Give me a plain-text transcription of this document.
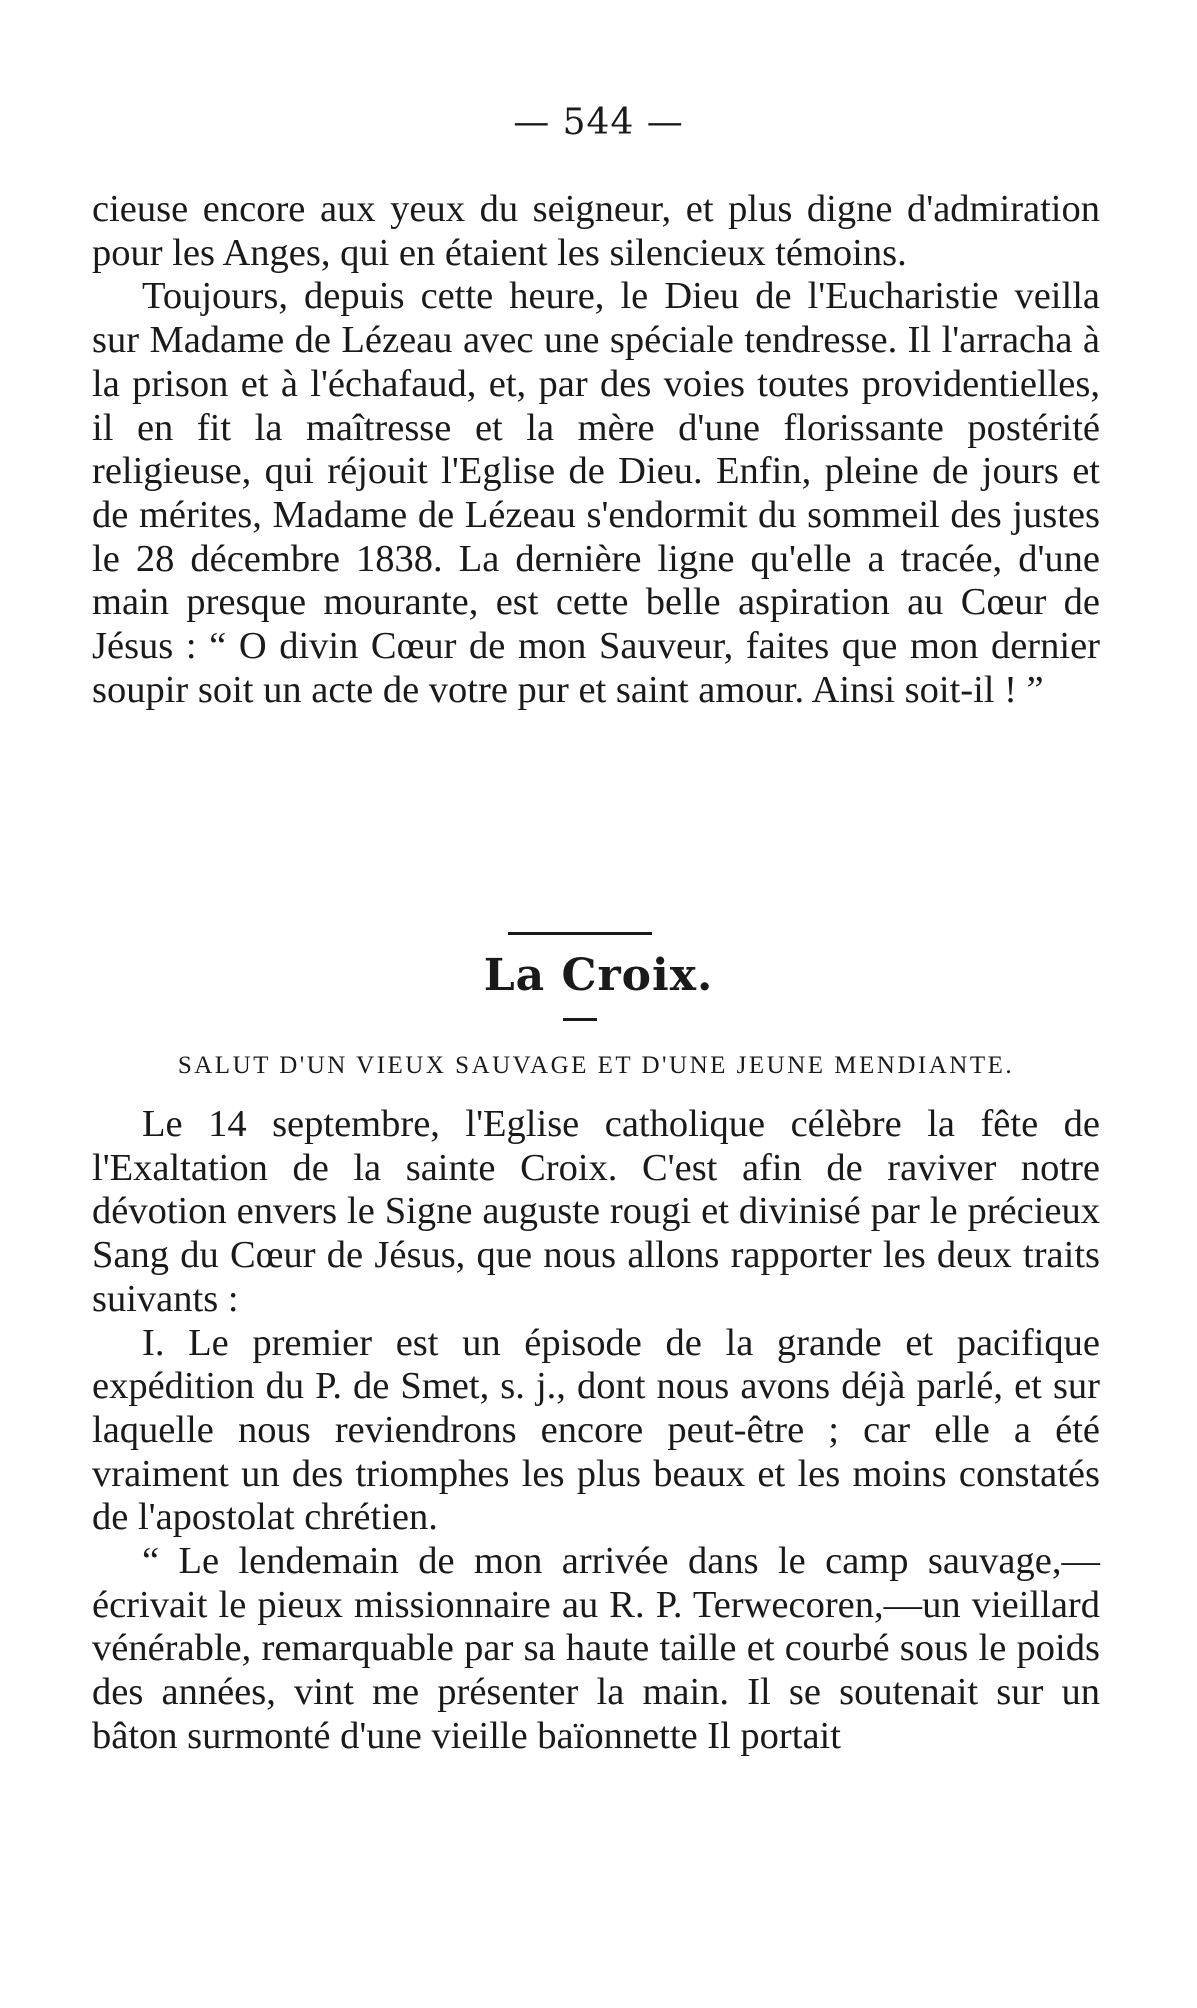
— 544 —

cieuse encore aux yeux du seigneur, et plus digne d'admiration pour les Anges, qui en étaient les silencieux témoins.

Toujours, depuis cette heure, le Dieu de l'Eucharistie veilla sur Madame de Lézeau avec une spéciale tendresse. Il l'arracha à la prison et à l'échafaud, et, par des voies toutes providentielles, il en fit la maîtresse et la mère d'une florissante postérité religieuse, qui réjouit l'Eglise de Dieu. Enfin, pleine de jours et de mérites, Madame de Lézeau s'endormit du sommeil des justes le 28 décembre 1838. La dernière ligne qu'elle a tracée, d'une main presque mourante, est cette belle aspiration au Cœur de Jésus : “ O divin Cœur de mon Sauveur, faites que mon dernier soupir soit un acte de votre pur et saint amour. Ainsi soit-il ! ”

La Croix.
SALUT D'UN VIEUX SAUVAGE ET D'UNE JEUNE MENDIANTE.

Le 14 septembre, l'Eglise catholique célèbre la fête de l'Exaltation de la sainte Croix. C'est afin de raviver notre dévotion envers le Signe auguste rougi et divinisé par le précieux Sang du Cœur de Jésus, que nous allons rapporter les deux traits suivants :

I. Le premier est un épisode de la grande et pacifique expédition du P. de Smet, s. j., dont nous avons déjà parlé, et sur laquelle nous reviendrons encore peut-être ; car elle a été vraiment un des triomphes les plus beaux et les moins constatés de l'apostolat chrétien.

“ Le lendemain de mon arrivée dans le camp sauvage,—écrivait le pieux missionnaire au R. P. Terwecoren,—un vieillard vénérable, remarquable par sa haute taille et courbé sous le poids des années, vint me présenter la main. Il se soutenait sur un bâton surmonté d'une vieille baïonnette Il portait
